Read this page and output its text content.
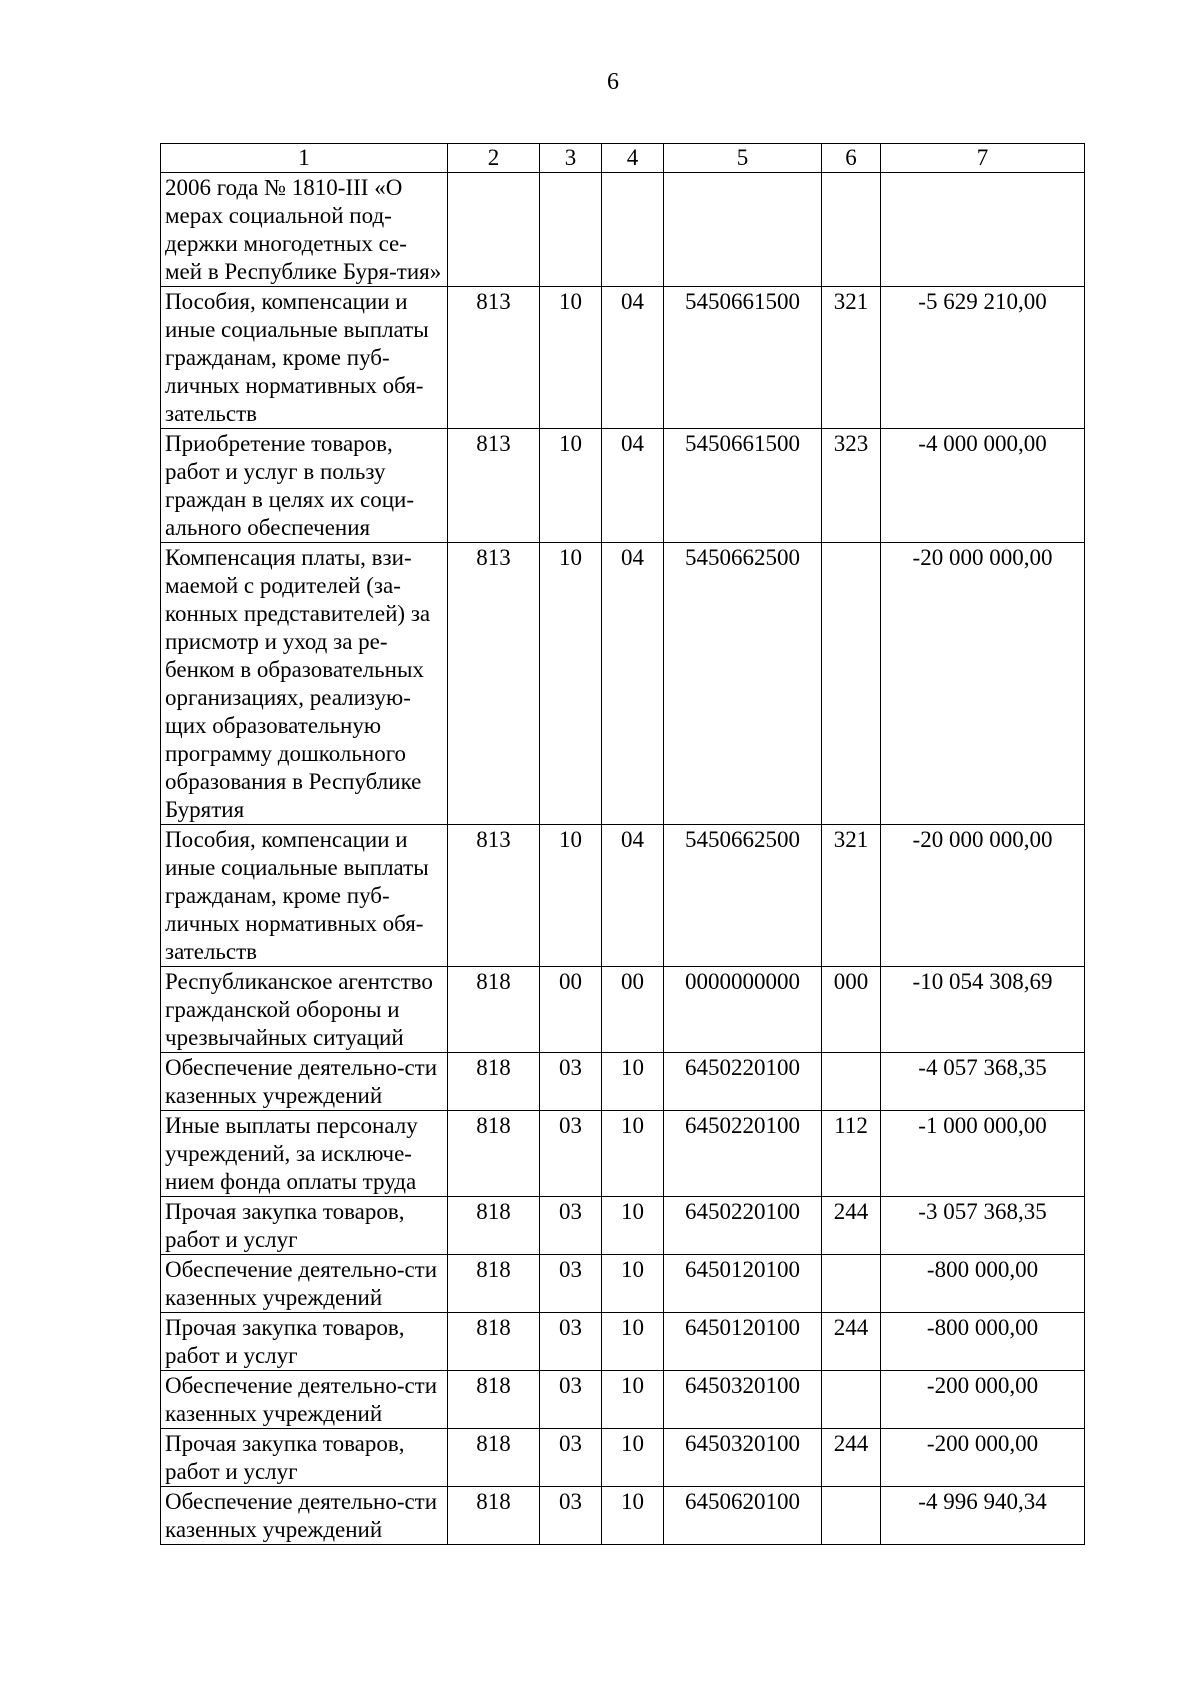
6
1	2	3	4	5	6	7
2006 года № 1810-III «О мерах социальной под-держки многодетных се-мей в Республике Буря-тия»						
Пособия, компенсации и иные социальные выплаты гражданам, кроме пуб-личных нормативных обя-зательств	813	10	04	5450661500	321	-5 629 210,00
Приобретение товаров, работ и услуг в пользу граждан в целях их соци-ального обеспечения	813	10	04	5450661500	323	-4 000 000,00
Компенсация платы, взи-маемой с родителей (за-конных представителей) за присмотр и уход за ре-бенком в образовательных организациях, реализую-щих образовательную программу дошкольного образования в Республике Бурятия	813	10	04	5450662500		-20 000 000,00
Пособия, компенсации и иные социальные выплаты гражданам, кроме пуб-личных нормативных обя-зательств	813	10	04	5450662500	321	-20 000 000,00
Республиканское агентство гражданской обороны и чрезвычайных ситуаций	818	00	00	0000000000	000	-10 054 308,69
Обеспечение деятельно-сти казенных учреждений	818	03	10	6450220100		-4 057 368,35
Иные выплаты персоналу учреждений, за исключе-нием фонда оплаты труда	818	03	10	6450220100	112	-1 000 000,00
Прочая закупка товаров, работ и услуг	818	03	10	6450220100	244	-3 057 368,35
Обеспечение деятельно-сти казенных учреждений	818	03	10	6450120100		-800 000,00
Прочая закупка товаров, работ и услуг	818	03	10	6450120100	244	-800 000,00
Обеспечение деятельно-сти казенных учреждений	818	03	10	6450320100		-200 000,00
Прочая закупка товаров, работ и услуг	818	03	10	6450320100	244	-200 000,00
Обеспечение деятельно-сти казенных учреждений	818	03	10	6450620100		-4 996 940,34
